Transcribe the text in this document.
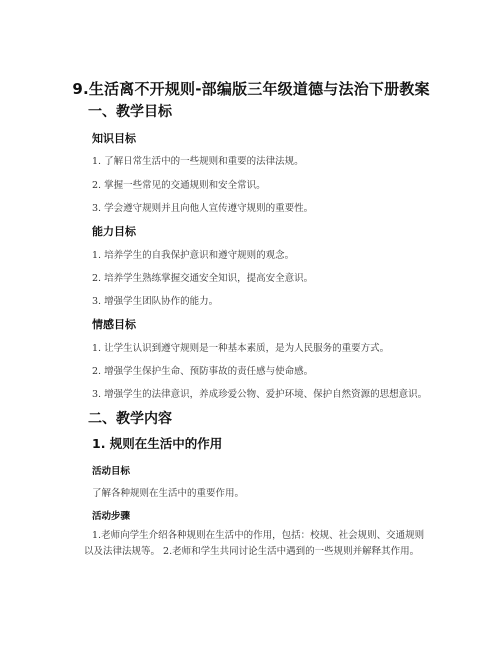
9.生活离不开规则-部编版三年级道德与法治下册教案
一、教学目标
知识目标
1. 了解日常生活中的一些规则和重要的法律法规。
2. 掌握一些常见的交通规则和安全常识。
3. 学会遵守规则并且向他人宣传遵守规则的重要性。
能力目标
1. 培养学生的自我保护意识和遵守规则的观念。
2. 培养学生熟练掌握交通安全知识，提高安全意识。
3. 增强学生团队协作的能力。
情感目标
1. 让学生认识到遵守规则是一种基本素质，是为人民服务的重要方式。
2. 增强学生保护生命、预防事故的责任感与使命感。
3. 增强学生的法律意识，养成珍爱公物、爱护环境、保护自然资源的思想意识。
二、教学内容
1. 规则在生活中的作用
活动目标
了解各种规则在生活中的重要作用。
活动步骤
1.老师向学生介绍各种规则在生活中的作用，包括：校规、社会规则、交通规则以及法律法规等。 2.老师和学生共同讨论生活中遇到的一些规则并解释其作用。
